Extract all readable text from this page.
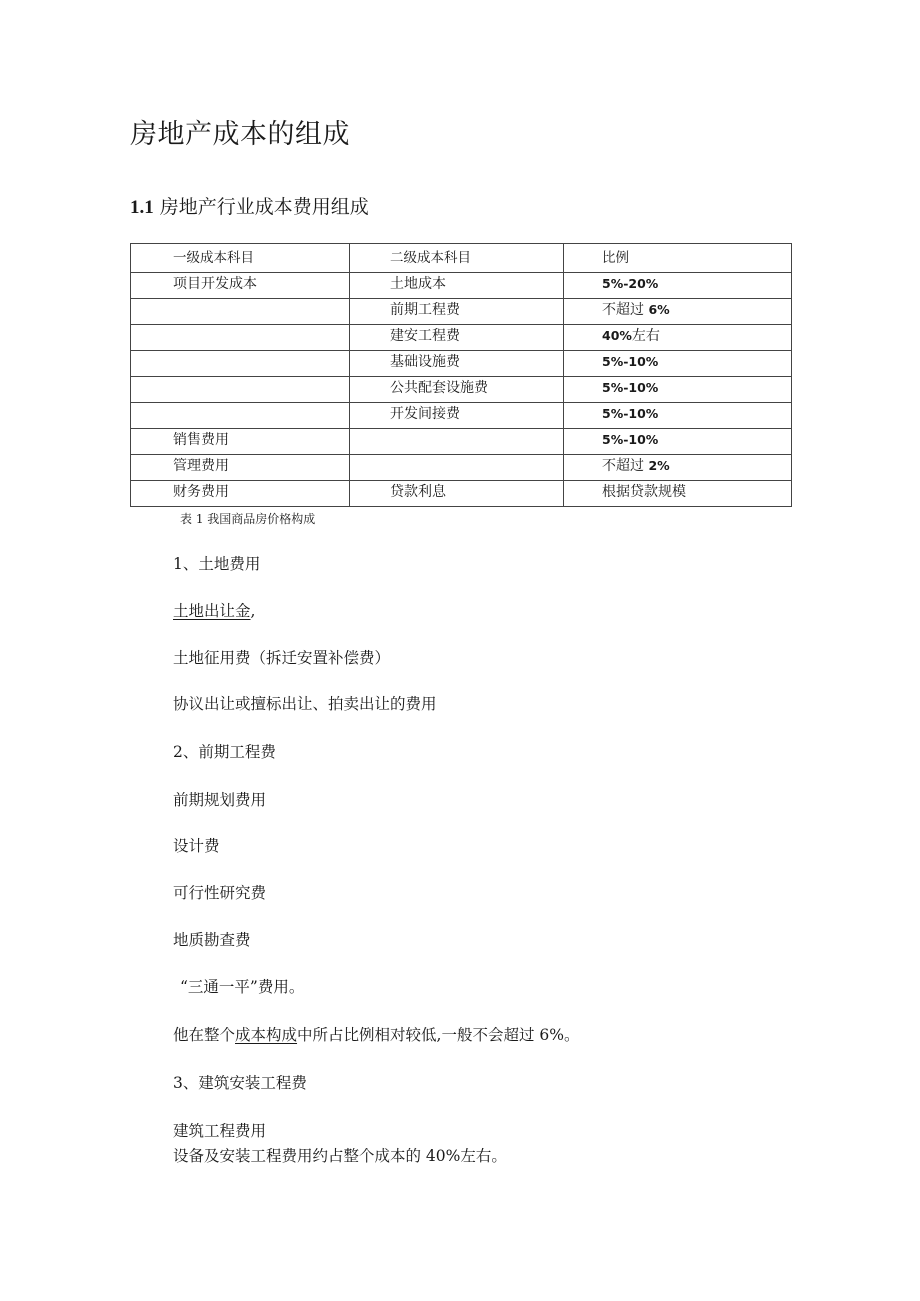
房地产成本的组成
1.1 房地产行业成本费用组成
一级成本科目	二级成本科目	比例
项目开发成本	土地成本	5%-20%
	前期工程费	不超过 6%
	建安工程费	40%左右
	基础设施费	5%-10%
	公共配套设施费	5%-10%
	开发间接费	5%-10%
销售费用		5%-10%
管理费用		不超过 2%
财务费用	贷款利息	根据贷款规模
表 1 我国商品房价格构成
1、土地费用
土地出让金,
土地征用费（拆迁安置补偿费）
协议出让或擅标出让、拍卖出让的费用
2、前期工程费
前期规划费用
设计费
可行性研究费
地质勘查费
“三通一平”费用。
他在整个成本构成中所占比例相对较低,一般不会超过 6%。
3、建筑安装工程费
建筑工程费用
设备及安装工程费用约占整个成本的 40%左右。
